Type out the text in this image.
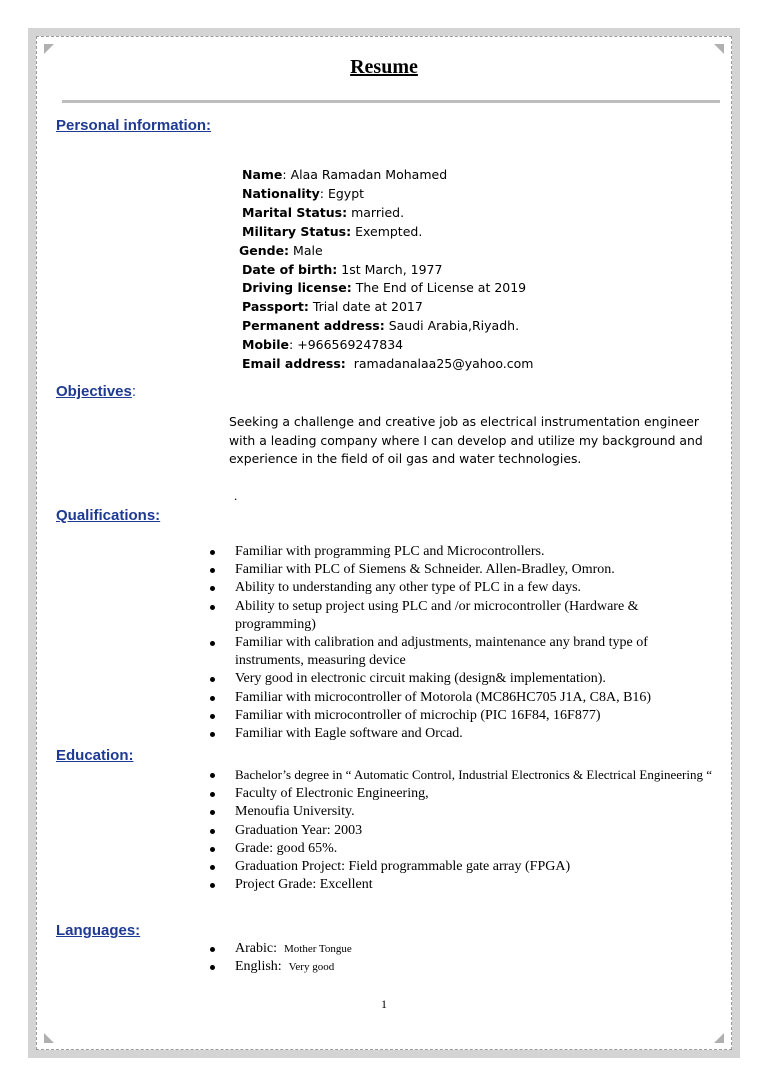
Resume
Personal information:
Name: Alaa Ramadan Mohamed
Nationality: Egypt
Marital Status: married.
Military Status: Exempted.
Gende: Male
Date of birth: 1st March, 1977
Driving license: The End of License at 2019
Passport: Trial date at 2017
Permanent address: Saudi Arabia,Riyadh.
Mobile: +966569247834
Email address: ramadanalaa25@yahoo.com
Objectives:
Seeking a challenge and creative job as electrical instrumentation engineer with a leading company where I can develop and utilize my background and experience in the field of oil gas and water technologies.
.
Qualifications:
Familiar with programming PLC and Microcontrollers.
Familiar with PLC of Siemens & Schneider. Allen-Bradley, Omron.
Ability to understanding any other type of PLC in a few days.
Ability to setup project using PLC and /or microcontroller (Hardware & programming)
Familiar with calibration and adjustments, maintenance any brand type of instruments, measuring device
Very good in electronic circuit making (design& implementation).
Familiar with microcontroller of Motorola (MC86HC705 J1A, C8A, B16)
Familiar with microcontroller of microchip (PIC 16F84, 16F877)
Familiar with Eagle software and Orcad.
Education:
Bachelor’s degree in “ Automatic Control, Industrial Electronics & Electrical Engineering “
Faculty of Electronic Engineering,
Menoufia University.
Graduation Year: 2003
Grade: good 65%.
Graduation Project: Field programmable gate array (FPGA)
Project Grade: Excellent
Languages:
Arabic: Mother Tongue
English: Very good
1
